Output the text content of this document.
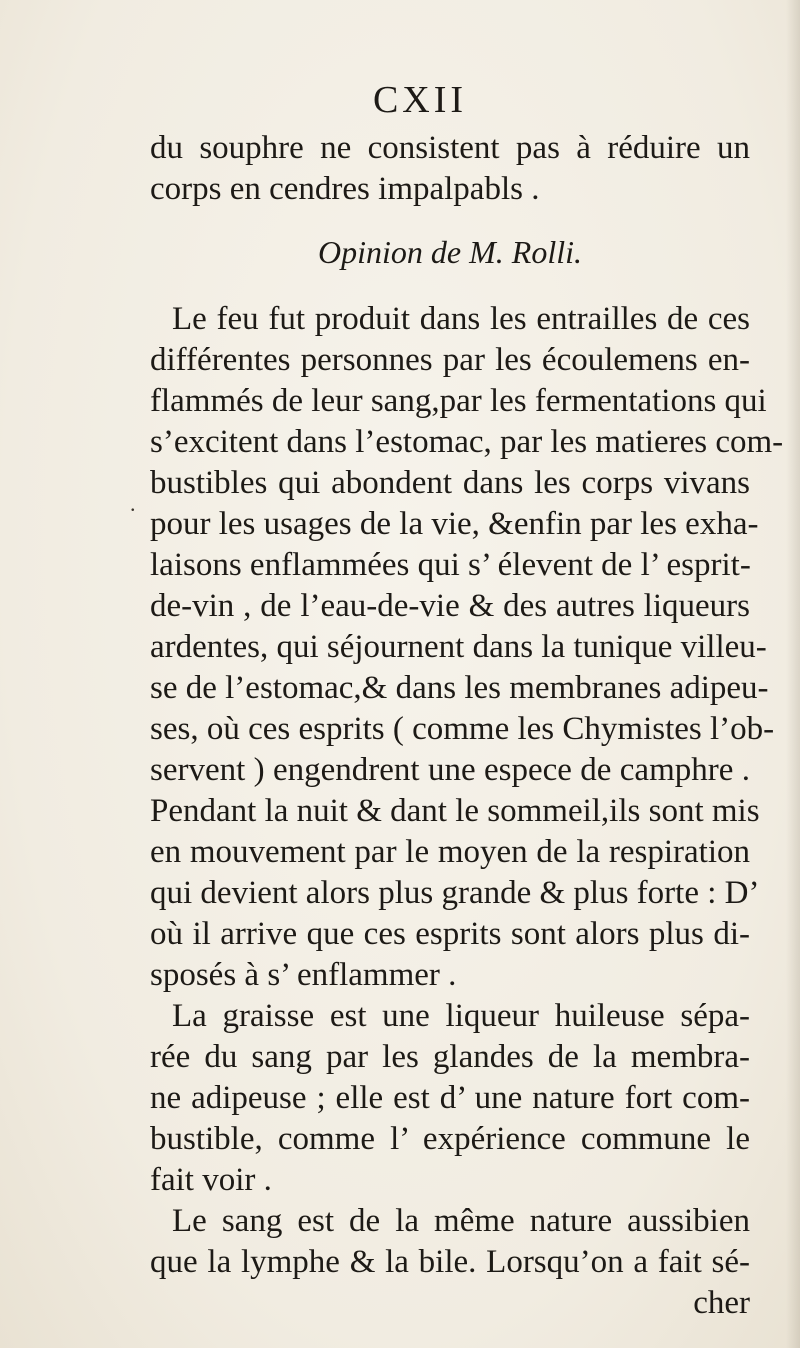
CXII
.
du souphre ne consistent pas à réduire un
corps en cendres impalpabls .
Opinion de M. Rolli.
Le feu fut produit dans les entrailles de ces
différentes personnes par les écoulemens en-
flammés de leur sang,par les fermentations qui
s’excitent dans l’estomac, par les matieres com-
bustibles qui abondent dans les corps vivans
pour les usages de la vie, &enfin par les exha-
laisons enflammées qui s’ élevent de l’ esprit-
de-vin , de l’eau-de-vie & des autres liqueurs
ardentes, qui séjournent dans la tunique villeu-
se de l’estomac,& dans les membranes adipeu-
ses, où ces esprits ( comme les Chymistes l’ob-
servent ) engendrent une espece de camphre .
Pendant la nuit & dant le sommeil,ils sont mis
en mouvement par le moyen de la respiration
qui devient alors plus grande & plus forte : D’
où il arrive que ces esprits sont alors plus di-
sposés à s’ enflammer .
La graisse est une liqueur huileuse sépa-
rée du sang par les glandes de la membra-
ne adipeuse ; elle est d’ une nature fort com-
bustible, comme l’ expérience commune le
fait voir .
Le sang est de la même nature aussibien
que la lymphe & la bile. Lorsqu’on a fait sé-
cher
